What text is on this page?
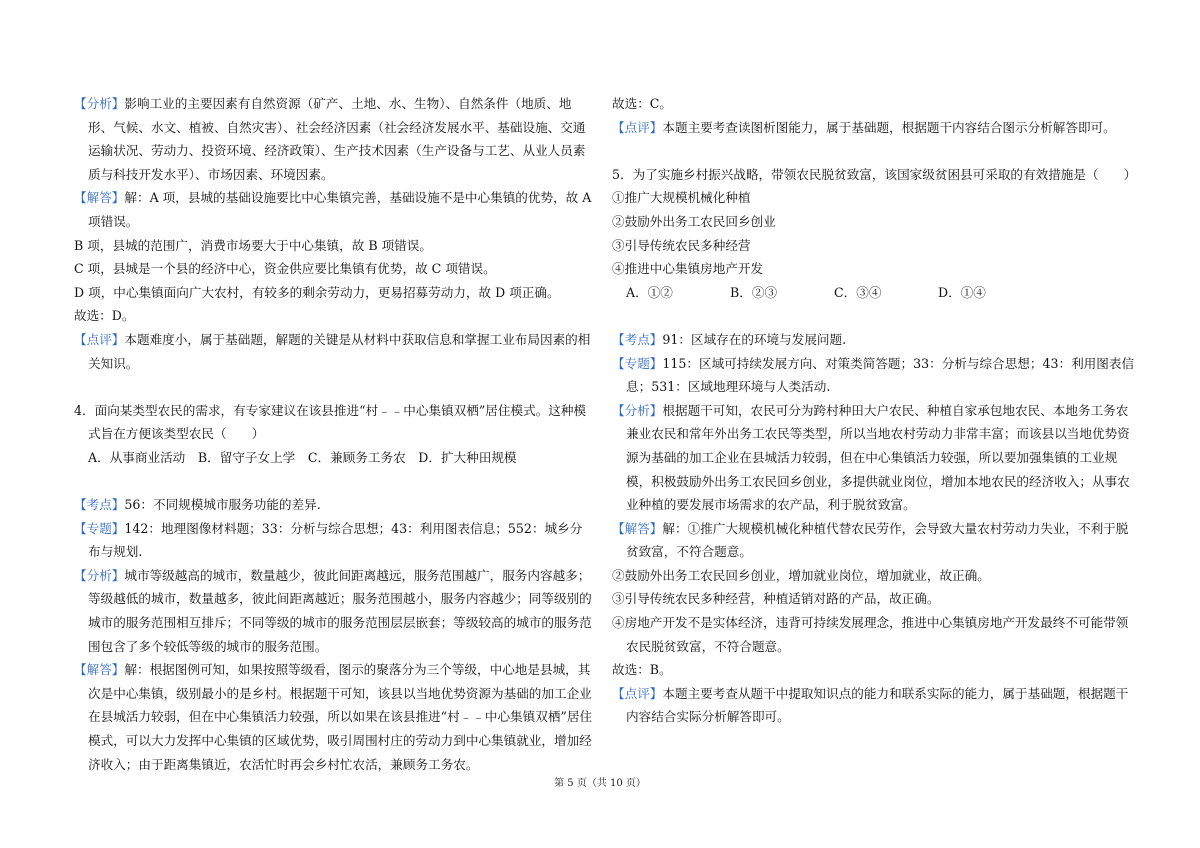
【分析】影响工业的主要因素有自然资源（矿产、土地、水、生物）、自然条件（地质、地形、气候、水文、植被、自然灾害）、社会经济因素（社会经济发展水平、基础设施、交通运输状况、劳动力、投资环境、经济政策）、生产技术因素（生产设备与工艺、从业人员素质与科技开发水平）、市场因素、环境因素。

【解答】解：A 项，县城的基础设施要比中心集镇完善，基础设施不是中心集镇的优势，故 A 项错误。

B 项，县城的范围广，消费市场要大于中心集镇，故 B 项错误。

C 项，县城是一个县的经济中心，资金供应要比集镇有优势，故 C 项错误。

D 项，中心集镇面向广大农村，有较多的剩余劳动力，更易招募劳动力，故 D 项正确。

故选：D。

【点评】本题难度小，属于基础题，解题的关键是从材料中获取信息和掌握工业布局因素的相关知识。

4．面向某类型农民的需求，有专家建议在该县推进“村﹣﹣中心集镇双栖”居住模式。这种模式旨在方便该类型农民（　　）

A．从事商业活动　B．留守子女上学　C．兼顾务工务农　D．扩大种田规模　

【考点】56：不同规模城市服务功能的差异.

【专题】142：地理图像材料题；33：分析与综合思想；43：利用图表信息；552：城乡分布与规划.

【分析】城市等级越高的城市，数量越少，彼此间距离越远，服务范围越广，服务内容越多；等级越低的城市，数量越多，彼此间距离越近；服务范围越小，服务内容越少；同等级别的城市的服务范围相互排斥；不同等级的城市的服务范围层层嵌套；等级较高的城市的服务范围包含了多个较低等级的城市的服务范围。

【解答】解：根据图例可知，如果按照等级看，图示的聚落分为三个等级，中心地是县城，其次是中心集镇，级别最小的是乡村。根据题干可知，该县以当地优势资源为基础的加工企业在县城活力较弱，但在中心集镇活力较强，所以如果在该县推进“村﹣﹣中心集镇双栖”居住模式，可以大力发挥中心集镇的区域优势，吸引周围村庄的劳动力到中心集镇就业，增加经济收入；由于距离集镇近，农活忙时再会乡村忙农活，兼顾务工务农。

故选：C。

【点评】本题主要考查读图析图能力，属于基础题，根据题干内容结合图示分析解答即可。

5．为了实施乡村振兴战略，带领农民脱贫致富，该国家级贫困县可采取的有效措施是（　　）

①推广大规模机械化种植

②鼓励外出务工农民回乡创业

③引导传统农民多种经营

④推进中心集镇房地产开发

A．①②	B．②③	C．③④	D．①④

【考点】91：区域存在的环境与发展问题.

【专题】115：区域可持续发展方向、对策类简答题；33：分析与综合思想；43：利用图表信息；531：区域地理环境与人类活动.

【分析】根据题干可知，农民可分为跨村种田大户农民、种植自家承包地农民、本地务工务农兼业农民和常年外出务工农民等类型，所以当地农村劳动力非常丰富；而该县以当地优势资源为基础的加工企业在县城活力较弱，但在中心集镇活力较强，所以要加强集镇的工业规模，积极鼓励外出务工农民回乡创业，多提供就业岗位，增加本地农民的经济收入；从事农业种植的要发展市场需求的农产品，利于脱贫致富。

【解答】解：①推广大规模机械化种植代替农民劳作，会导致大量农村劳动力失业，不利于脱贫致富，不符合题意。

②鼓励外出务工农民回乡创业，增加就业岗位，增加就业，故正确。

③引导传统农民多种经营，种植适销对路的产品，故正确。

④房地产开发不是实体经济，违背可持续发展理念，推进中心集镇房地产开发最终不可能带领农民脱贫致富，不符合题意。

故选：B。

【点评】本题主要考查从题干中提取知识点的能力和联系实际的能力，属于基础题，根据题干内容结合实际分析解答即可。

第 5 页（共 10 页）
